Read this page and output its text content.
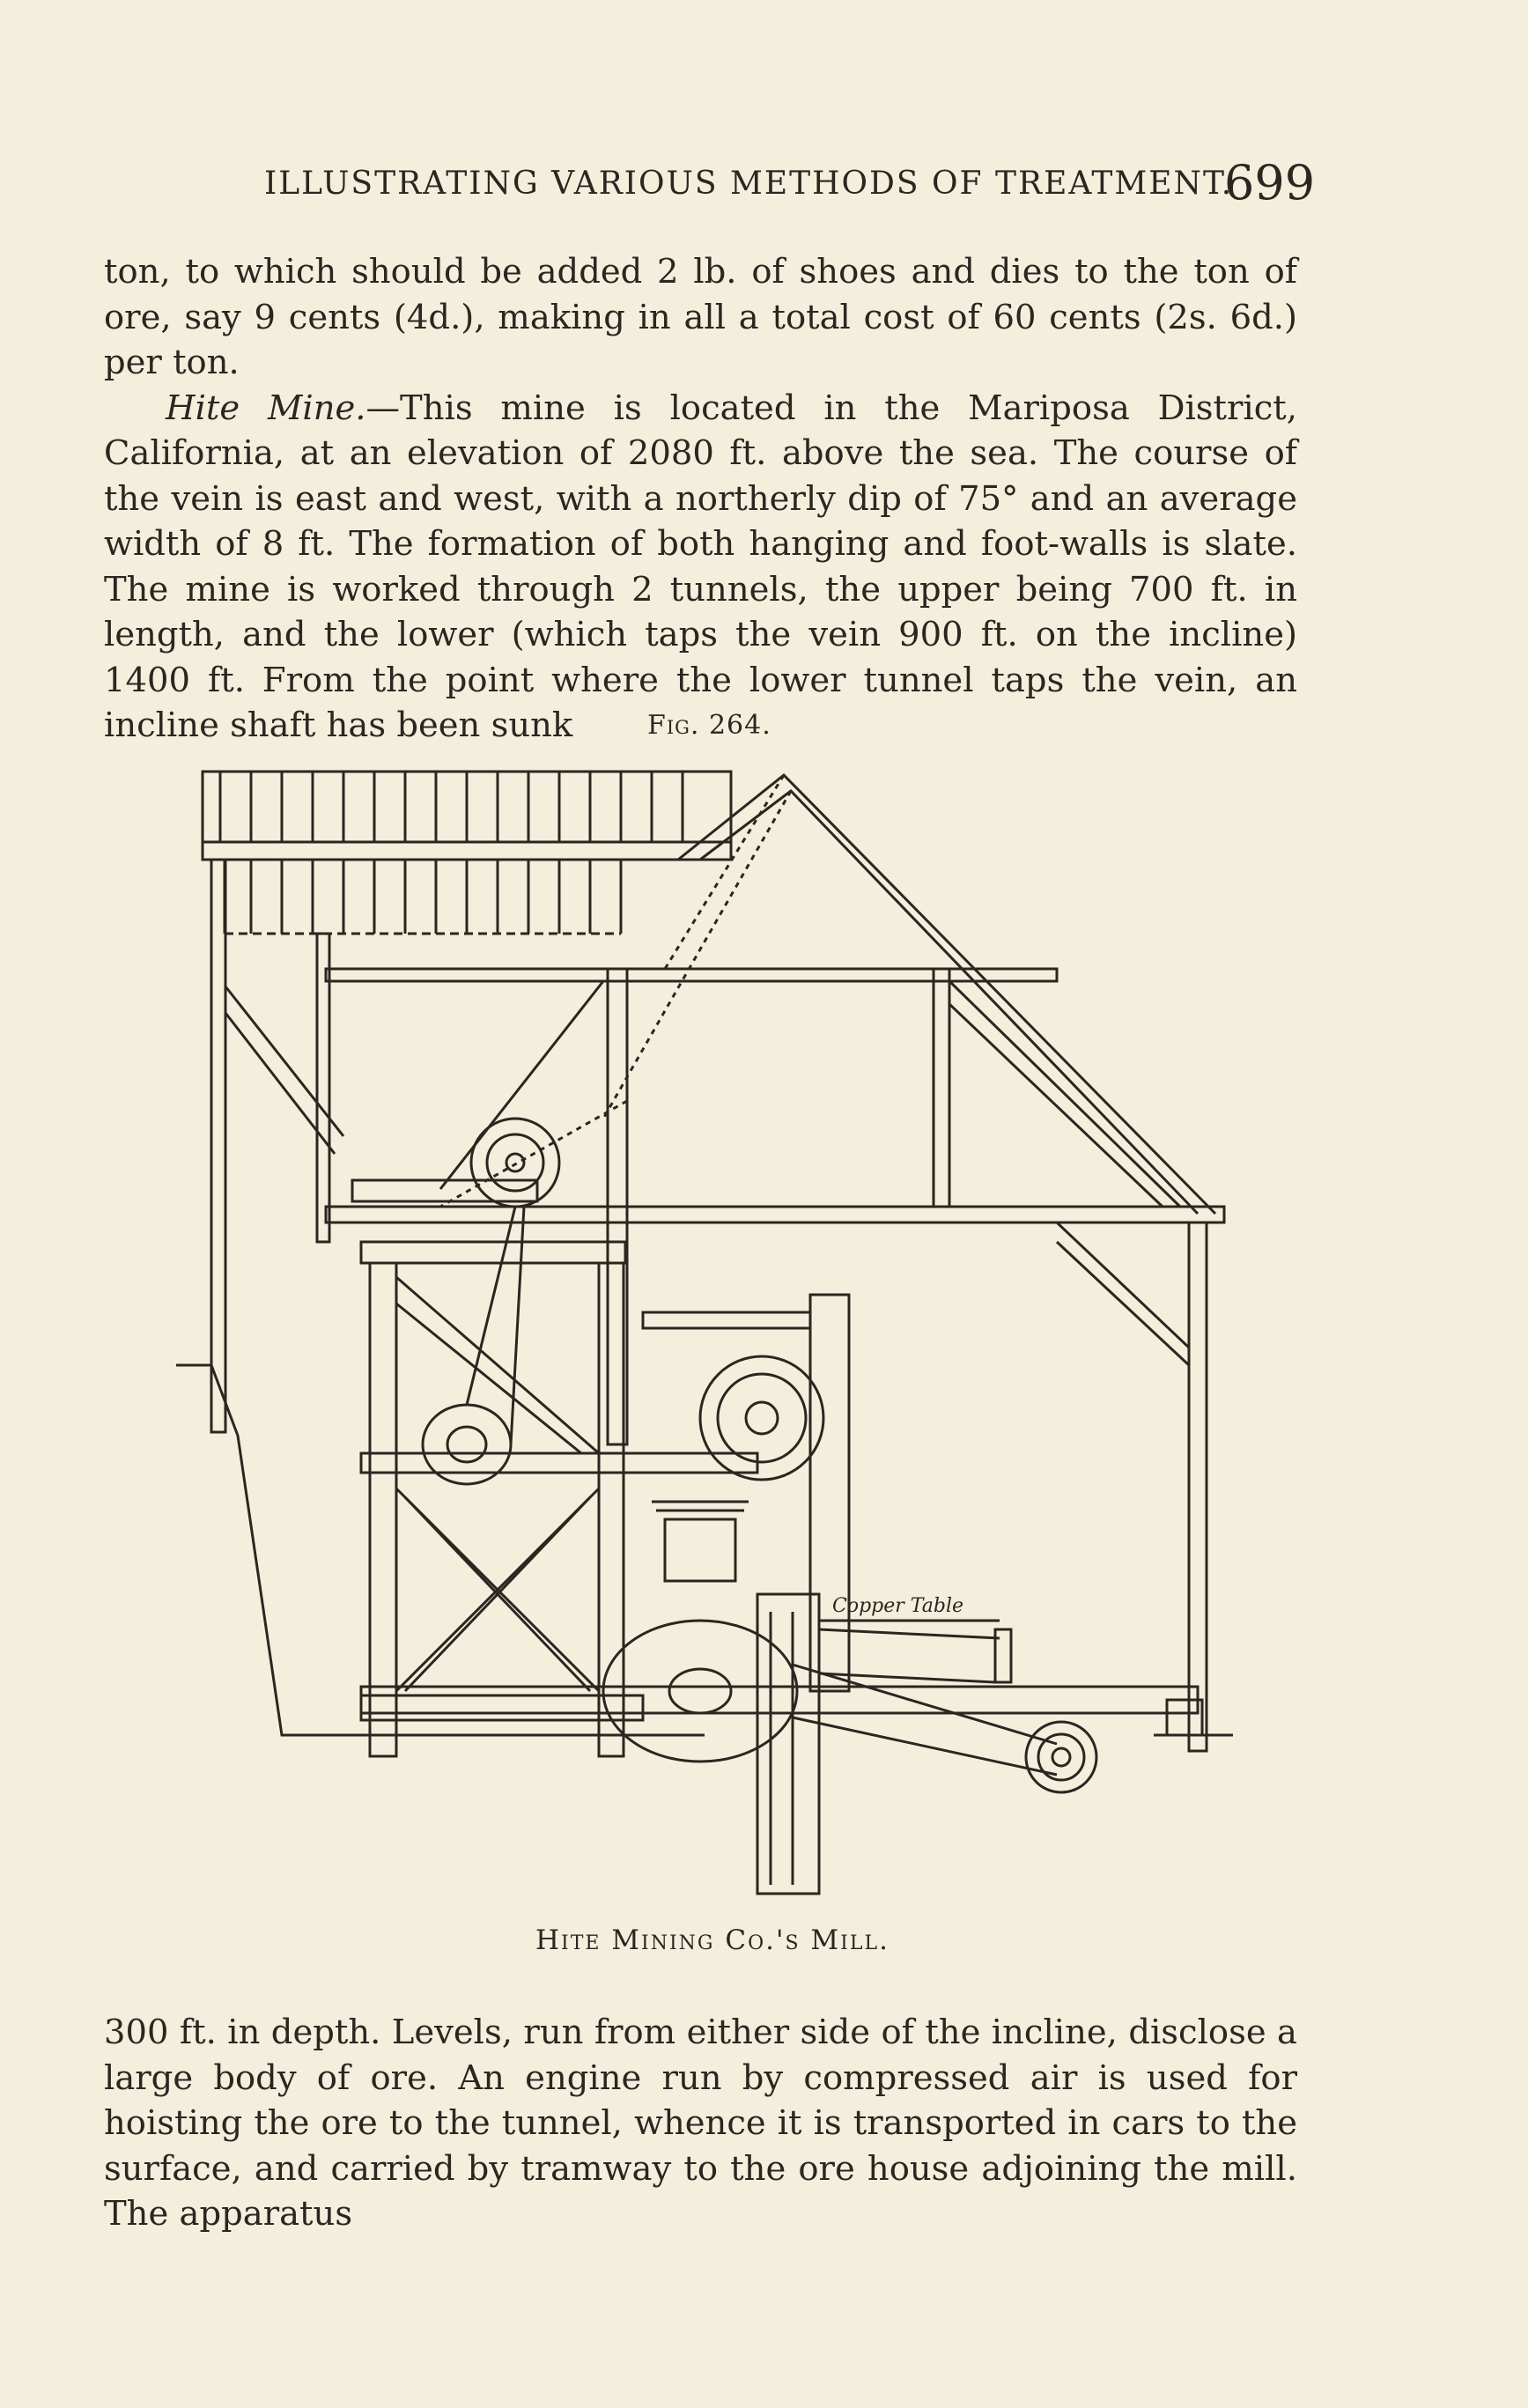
ILLUSTRATING VARIOUS METHODS OF TREATMENT.
699

ton, to which should be added 2 lb. of shoes and dies to the ton of ore, say 9 cents (4d.), making in all a total cost of 60 cents (2s. 6d.) per ton.

Hite Mine.—This mine is located in the Mariposa District, California, at an elevation of 2080 ft. above the sea. The course of the vein is east and west, with a northerly dip of 75° and an average width of 8 ft. The formation of both hanging and foot-walls is slate. The mine is worked through 2 tunnels, the upper being 700 ft. in length, and the lower (which taps the vein 900 ft. on the incline) 1400 ft. From the point where the lower tunnel taps the vein, an incline shaft has been sunk	Fig. 264.
Copper Table
Hite Mining Co.'s Mill.

300 ft. in depth. Levels, run from either side of the incline, disclose a large body of ore. An engine run by compressed air is used for hoisting the ore to the tunnel, whence it is transported in cars to the surface, and carried by tramway to the ore house adjoining the mill. The apparatus
